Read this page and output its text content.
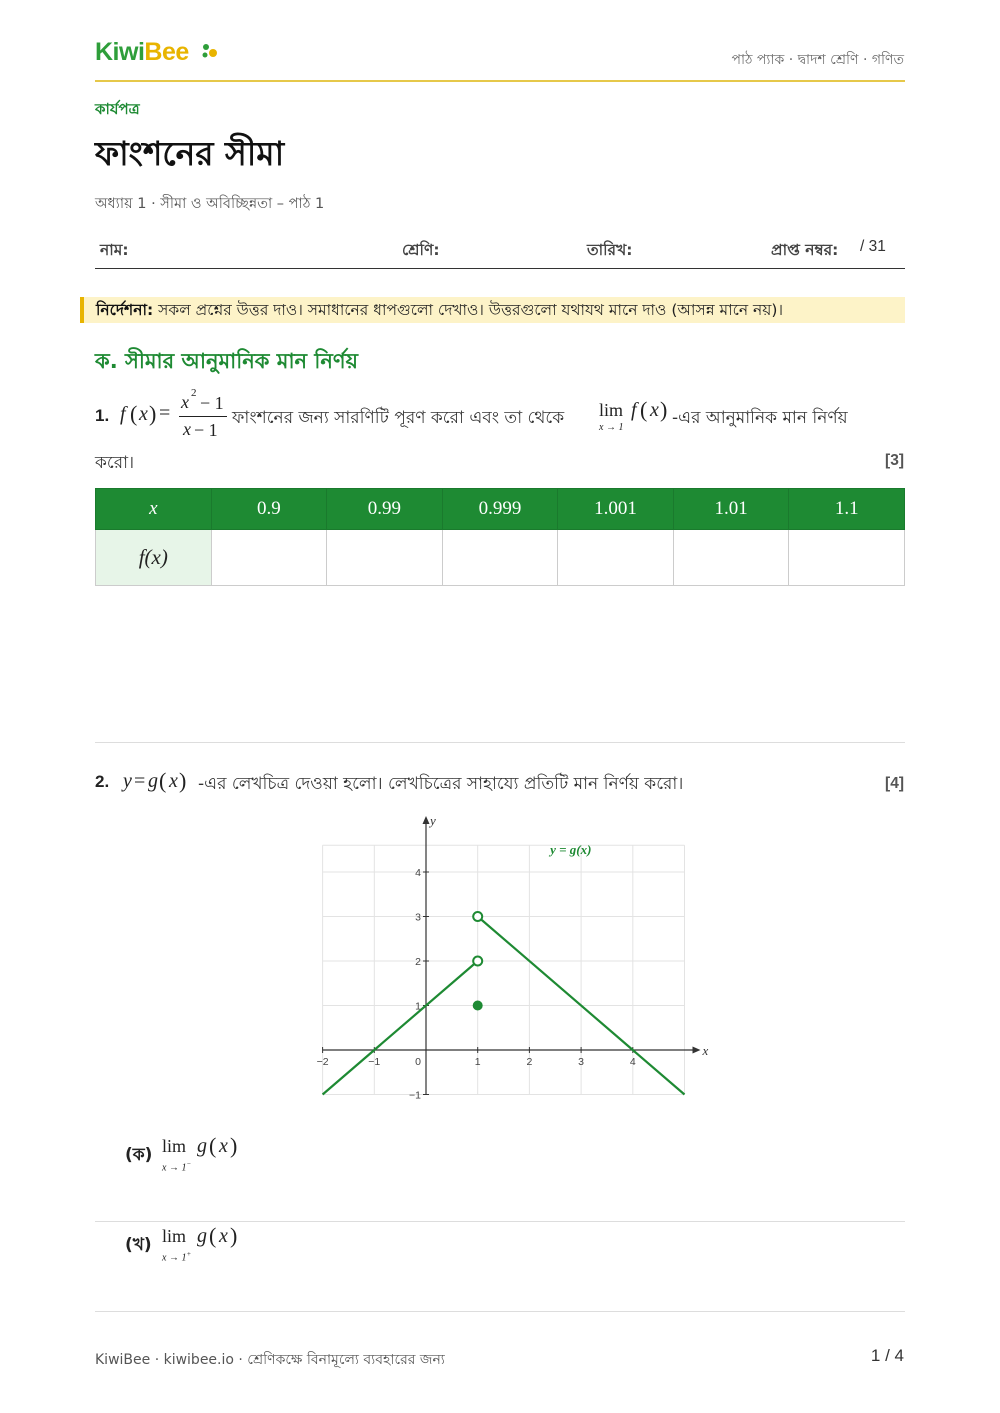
KiwiBee	পাঠ প্যাক · দ্বাদশ শ্রেণি · গণিত
কার্যপত্র
ফাংশনের সীমা
অধ্যায় 1 · সীমা ও অবিচ্ছিন্নতা – পাঠ 1
নাম:	শ্রেণি:	তারিখ:	প্রাপ্ত নম্বর: / 31
নির্দেশনা: সকল প্রশ্নের উত্তর দাও। সমাধানের ধাপগুলো দেখাও। উত্তরগুলো যথাযথ মানে দাও (আসন্ন মানে নয়)।
ক. সীমার আনুমানিক মান নির্ণয়
1. f ( x ) = x 2 − 1
x − 1
ফাংশনের জন্য সারণিটি পূরণ করো এবং তা থেকে lim
x → 1
f ( x ) -এর আনুমানিক মান নির্ণয়
করো।	[3]
x	0.9	0.99	0.999	1.001	1.01	1.1
f(x)						
2. y = g ( x ) -এর লেখচিত্র দেওয়া হলো। লেখচিত্রের সাহায্যে প্রতিটি মান নির্ণয় করো।	[4]
x
y
−2	−1	0	1	2	3	4
−1
1
2
3
4
y = g(x)
(ক) lim
x → 1−
g ( x )
(খ) lim
x → 1+
g ( x )
KiwiBee · kiwibee.io · শ্রেণিকক্ষে বিনামূল্যে ব্যবহারের জন্য	1 / 4
